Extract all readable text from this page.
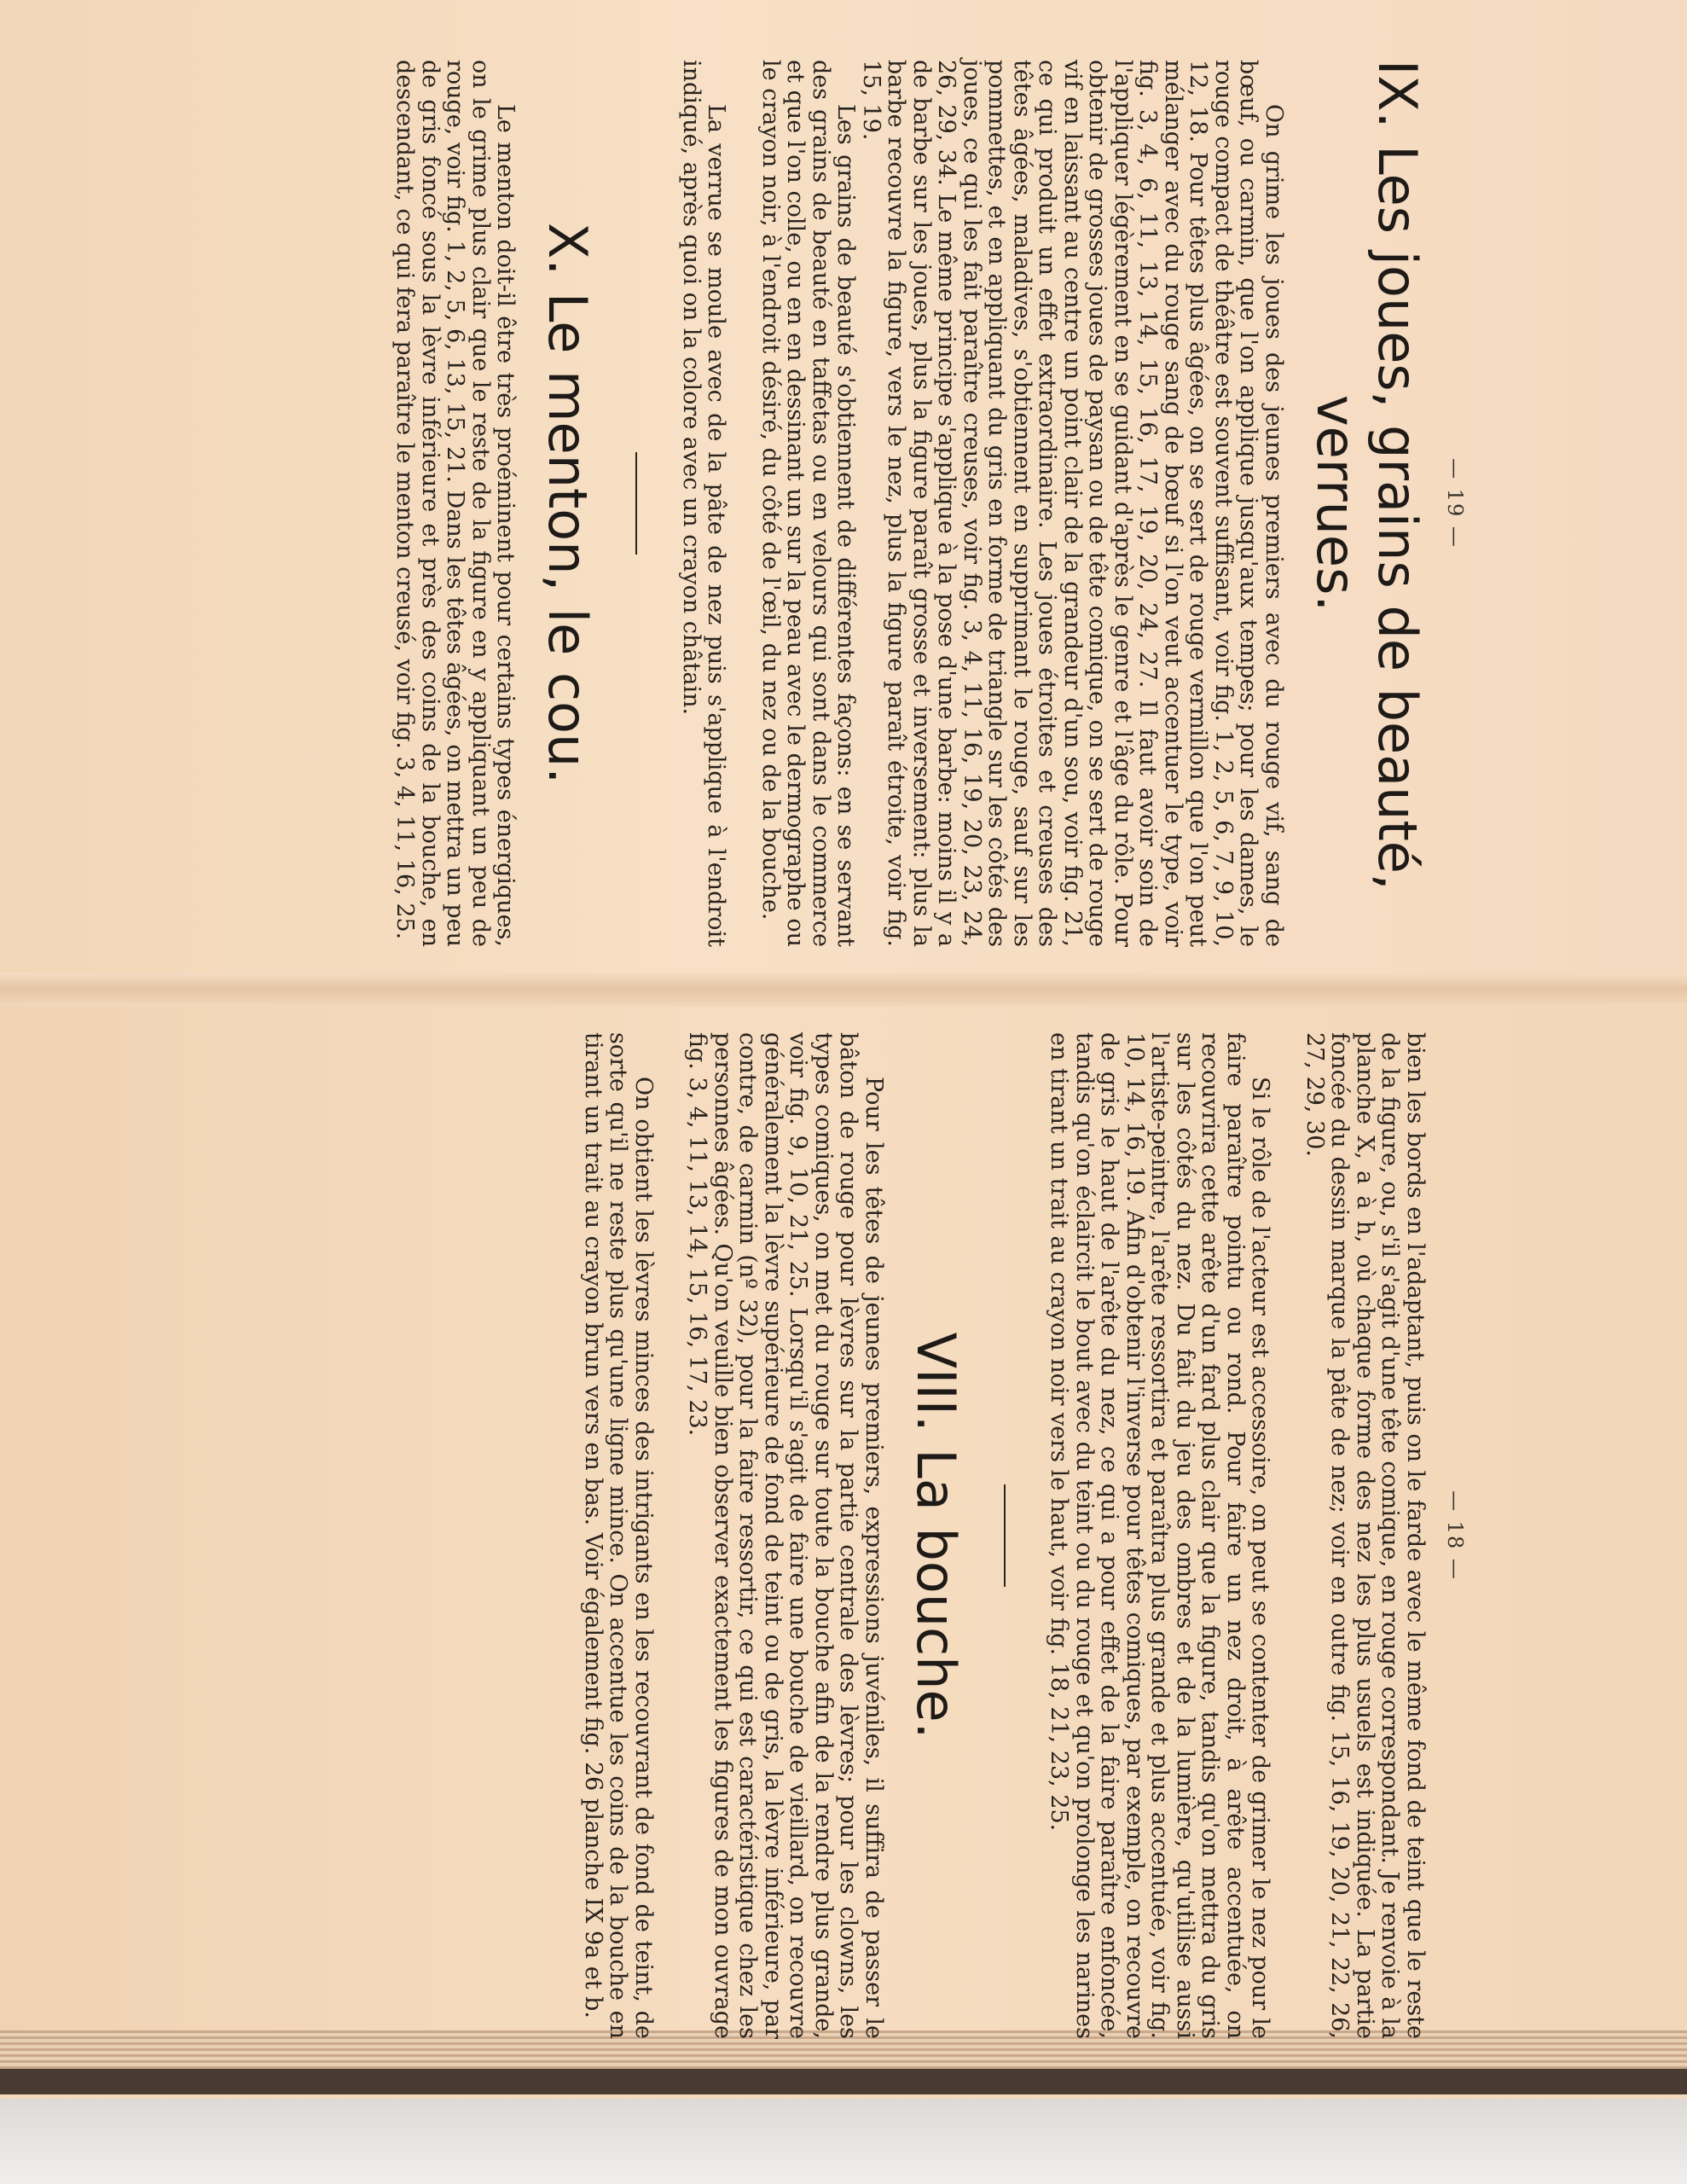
— 19 —
IX. Les joues, grains de beauté,
verrues.

On grime les joues des jeunes premiers avec du rouge vif, sang de bœuf, ou carmin, que l'on applique jusqu'aux tempes; pour les dames, le rouge compact de théâtre est souvent suffisant, voir fig. 1, 2, 5, 6, 7, 9, 10, 12, 18. Pour têtes plus âgées, on se sert de rouge vermillon que l'on peut mélanger avec du rouge sang de bœuf si l'on veut accentuer le type, voir fig. 3, 4, 6, 11, 13, 14, 15, 16, 17, 19, 20, 24, 27. Il faut avoir soin de l'appliquer légèrement en se guidant d'après le genre et l'âge du rôle. Pour obtenir de grosses joues de paysan ou de tête comique, on se sert de rouge vif en laissant au centre un point clair de la grandeur d'un sou, voir fig. 21, ce qui produit un effet extraordinaire. Les joues étroites et creuses des têtes âgées, maladives, s'obtiennent en supprimant le rouge, sauf sur les pommettes, et en appliquant du gris en forme de triangle sur les côtés des joues, ce qui les fait paraître creuses, voir fig. 3, 4, 11, 16, 19, 20, 23, 24, 26, 29, 34. Le même principe s'applique à la pose d'une barbe: moins il y a de barbe sur les joues, plus la figure paraît grosse et inversement: plus la barbe recouvre la figure, vers le nez, plus la figure paraît étroite, voir fig. 15, 19.

Les grains de beauté s'obtiennent de différentes façons: en se servant des grains de beauté en taffetas ou en velours qui sont dans le commerce et que l'on colle, ou en en dessinant un sur la peau avec le dermographe ou le crayon noir, à l'endroit désiré, du côté de l'œil, du nez ou de la bouche.

La verrue se moule avec de la pâte de nez puis s'applique à l'endroit indiqué, après quoi on la colore avec un crayon châtain.

X. Le menton, le cou.

Le menton doit-il être très proéminent pour certains types énergiques, on le grime plus clair que le reste de la figure en y appliquant un peu de rouge, voir fig. 1, 2, 5, 6, 13, 15, 21. Dans les têtes âgées, on mettra un peu de gris foncé sous la lèvre inférieure et près des coins de la bouche, en descendant, ce qui fera paraître le menton creusé, voir fig. 3, 4, 11, 16, 25.

— 18 —

bien les bords en l'adaptant, puis on le farde avec le même fond de teint que le reste de la figure, ou, s'il s'agit d'une tête comique, en rouge correspondant. Je renvoie à la planche X, a à h, où chaque forme des nez les plus usuels est indiquée. La partie foncée du dessin marque la pâte de nez; voir en outre fig. 15, 16, 19, 20, 21, 22, 26, 27, 29, 30.

Si le rôle de l'acteur est accessoire, on peut se contenter de grimer le nez pour le faire paraître pointu ou rond. Pour faire un nez droit, à arête accentuée, on recouvrira cette arête d'un fard plus clair que la figure, tandis qu'on mettra du gris sur les côtés du nez. Du fait du jeu des ombres et de la lumière, qu'utilise aussi l'artiste-peintre, l'arête ressortira et paraîtra plus grande et plus accentuée, voir fig. 10, 14, 16, 19. Afin d'obtenir l'inverse pour têtes comiques, par exemple, on recouvre de gris le haut de l'arête du nez, ce qui a pour effet de la faire paraître enfoncée, tandis qu'on éclaircit le bout avec du teint ou du rouge et qu'on prolonge les narines en tirant un trait au crayon noir vers le haut, voir fig. 18, 21, 23, 25.

VIII. La bouche.

Pour les têtes de jeunes premiers, expressions juvéniles, il suffira de passer le bâton de rouge pour lèvres sur la partie centrale des lèvres; pour les clowns, les types comiques, on met du rouge sur toute la bouche afin de la rendre plus grande, voir fig. 9, 10, 21, 25. Lorsqu'il s'agit de faire une bouche de vieillard, on recouvre généralement la lèvre supérieure de fond de teint ou de gris, la lèvre inférieure, par contre, de carmin (nº 32), pour la faire ressortir, ce qui est caractéristique chez les personnes âgées. Qu'on veuille bien observer exactement les figures de mon ouvrage fig. 3, 4, 11, 13, 14, 15, 16, 17, 23.

On obtient les lèvres minces des intrigants en les recouvrant de fond de teint, de sorte qu'il ne reste plus qu'une ligne mince. On accentue les coins de la bouche en tirant un trait au crayon brun vers en bas. Voir également fig. 26 planche IX 9a et b.
